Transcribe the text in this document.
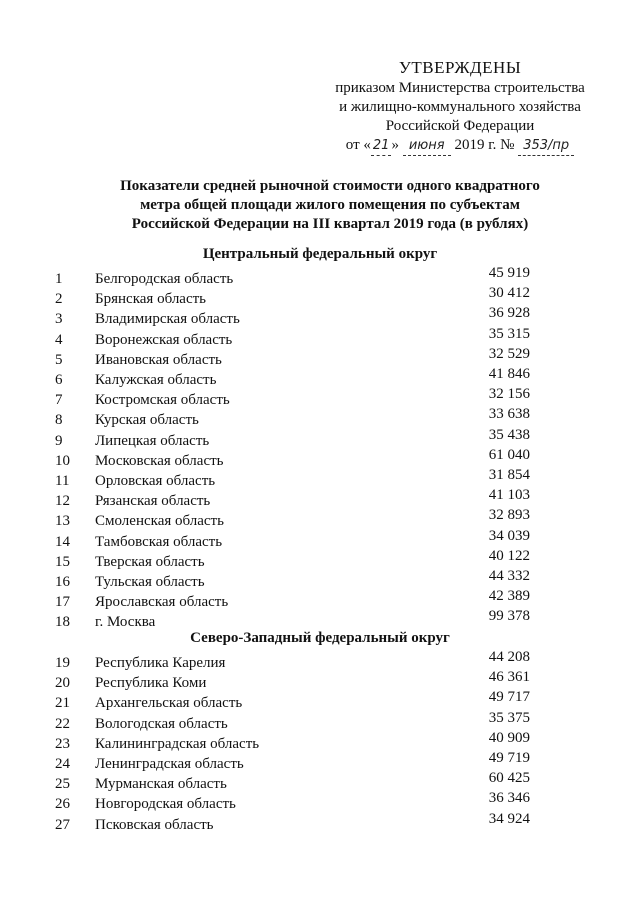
УТВЕРЖДЕНЫ
приказом Министерства строительства
и жилищно-коммунального хозяйства
Российской Федерации
от « 21 » июня 2019 г. № 353/пр
Показатели средней рыночной стоимости одного квадратного
метра общей площади жилого помещения по субъектам
Российской Федерации на III квартал 2019 года (в рублях)
Центральный федеральный округ
1	Белгородская область	45 919
2	Брянская область	30 412
3	Владимирская область	36 928
4	Воронежская область	35 315
5	Ивановская область	32 529
6	Калужская область	41 846
7	Костромская область	32 156
8	Курская область	33 638
9	Липецкая область	35 438
10	Московская область	61 040
11	Орловская область	31 854
12	Рязанская область	41 103
13	Смоленская область	32 893
14	Тамбовская область	34 039
15	Тверская область	40 122
16	Тульская область	44 332
17	Ярославская область	42 389
18	г. Москва	99 378
Северо-Западный федеральный округ
19	Республика Карелия	44 208
20	Республика Коми	46 361
21	Архангельская область	49 717
22	Вологодская область	35 375
23	Калининградская область	40 909
24	Ленинградская область	49 719
25	Мурманская область	60 425
26	Новгородская область	36 346
27	Псковская область	34 924
